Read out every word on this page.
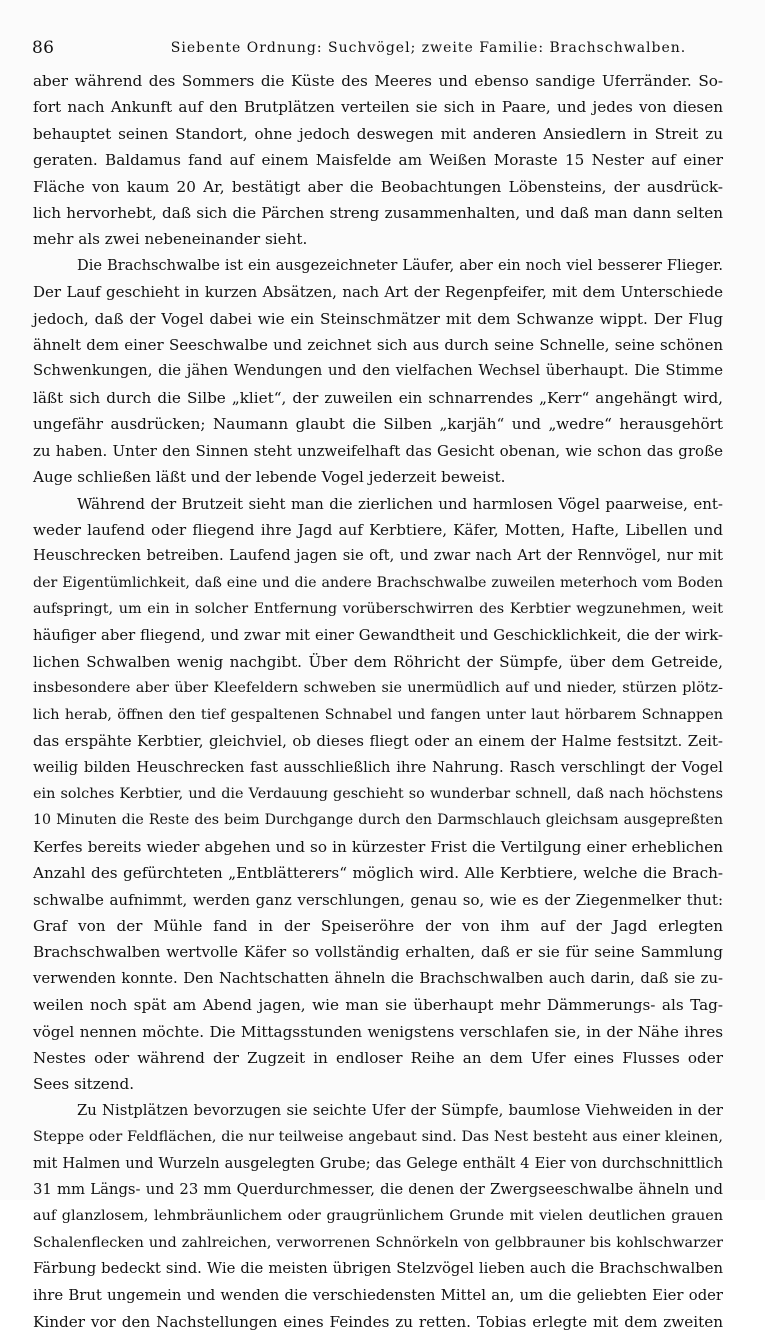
86	Siebente Ordnung: Suchvögel; zweite Familie: Brachschwalben.

aber während des Sommers die Küste des Meeres und ebenso sandige Uferränder. So-
fort nach Ankunft auf den Brutplätzen verteilen sie sich in Paare, und jedes von diesen
behauptet seinen Standort, ohne jedoch deswegen mit anderen Ansiedlern in Streit zu
geraten. Baldamus fand auf einem Maisfelde am Weißen Moraste 15 Nester auf einer
Fläche von kaum 20 Ar, bestätigt aber die Beobachtungen Löbensteins, der ausdrück-
lich hervorhebt, daß sich die Pärchen streng zusammenhalten, und daß man dann selten
mehr als zwei nebeneinander sieht.

Die Brachschwalbe ist ein ausgezeichneter Läufer, aber ein noch viel besserer Flieger.
Der Lauf geschieht in kurzen Absätzen, nach Art der Regenpfeifer, mit dem Unterschiede
jedoch, daß der Vogel dabei wie ein Steinschmätzer mit dem Schwanze wippt. Der Flug
ähnelt dem einer Seeschwalbe und zeichnet sich aus durch seine Schnelle, seine schönen
Schwenkungen, die jähen Wendungen und den vielfachen Wechsel überhaupt. Die Stimme
läßt sich durch die Silbe „kliet“, der zuweilen ein schnarrendes „Kerr“ angehängt wird,
ungefähr ausdrücken; Naumann glaubt die Silben „karjäh“ und „wedre“ herausgehört
zu haben. Unter den Sinnen steht unzweifelhaft das Gesicht obenan, wie schon das große
Auge schließen läßt und der lebende Vogel jederzeit beweist.

Während der Brutzeit sieht man die zierlichen und harmlosen Vögel paarweise, ent-
weder laufend oder fliegend ihre Jagd auf Kerbtiere, Käfer, Motten, Hafte, Libellen und
Heuschrecken betreiben. Laufend jagen sie oft, und zwar nach Art der Rennvögel, nur mit
der Eigentümlichkeit, daß eine und die andere Brachschwalbe zuweilen meterhoch vom Boden
aufspringt, um ein in solcher Entfernung vorüberschwirren des Kerbtier wegzunehmen, weit
häufiger aber fliegend, und zwar mit einer Gewandtheit und Geschicklichkeit, die der wirk-
lichen Schwalben wenig nachgibt. Über dem Röhricht der Sümpfe, über dem Getreide,
insbesondere aber über Kleefeldern schweben sie unermüdlich auf und nieder, stürzen plötz-
lich herab, öffnen den tief gespaltenen Schnabel und fangen unter laut hörbarem Schnappen
das erspähte Kerbtier, gleichviel, ob dieses fliegt oder an einem der Halme festsitzt. Zeit-
weilig bilden Heuschrecken fast ausschließlich ihre Nahrung. Rasch verschlingt der Vogel
ein solches Kerbtier, und die Verdauung geschieht so wunderbar schnell, daß nach höchstens
10 Minuten die Reste des beim Durchgange durch den Darmschlauch gleichsam ausgepreßten
Kerfes bereits wieder abgehen und so in kürzester Frist die Vertilgung einer erheblichen
Anzahl des gefürchteten „Entblätterers“ möglich wird. Alle Kerbtiere, welche die Brach-
schwalbe aufnimmt, werden ganz verschlungen, genau so, wie es der Ziegenmelker thut:
Graf von der Mühle fand in der Speiseröhre der von ihm auf der Jagd erlegten
Brachschwalben wertvolle Käfer so vollständig erhalten, daß er sie für seine Sammlung
verwenden konnte. Den Nachtschatten ähneln die Brachschwalben auch darin, daß sie zu-
weilen noch spät am Abend jagen, wie man sie überhaupt mehr Dämmerungs- als Tag-
vögel nennen möchte. Die Mittagsstunden wenigstens verschlafen sie, in der Nähe ihres
Nestes oder während der Zugzeit in endloser Reihe an dem Ufer eines Flusses oder
Sees sitzend.

Zu Nistplätzen bevorzugen sie seichte Ufer der Sümpfe, baumlose Viehweiden in der
Steppe oder Feldflächen, die nur teilweise angebaut sind. Das Nest besteht aus einer kleinen,
mit Halmen und Wurzeln ausgelegten Grube; das Gelege enthält 4 Eier von durchschnittlich
31 mm Längs- und 23 mm Querdurchmesser, die denen der Zwergseeschwalbe ähneln und
auf glanzlosem, lehmbräunlichem oder graugrünlichem Grunde mit vielen deutlichen grauen
Schalenflecken und zahlreichen, verworrenen Schnörkeln von gelbbrauner bis kohlschwarzer
Färbung bedeckt sind. Wie die meisten übrigen Stelzvögel lieben auch die Brachschwalben
ihre Brut ungemein und wenden die verschiedensten Mittel an, um die geliebten Eier oder
Kinder vor den Nachstellungen eines Feindes zu retten. Tobias erlegte mit dem zweiten
